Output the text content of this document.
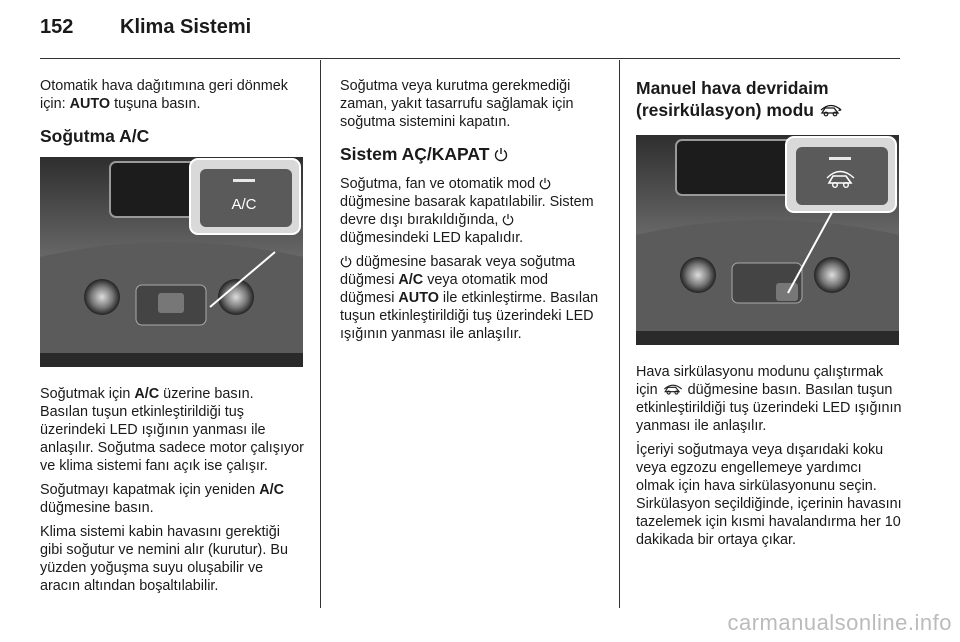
152	Klima Sistemi

Otomatik hava dağıtımına geri dönmek için: AUTO tuşuna basın.

Soğutma A/C
A/C

Soğutmak için A/C üzerine basın. Basılan tuşun etkinleştirildiği tuş üzerindeki LED ışığının yanması ile anlaşılır. Soğutma sadece motor çalışıyor ve klima sistemi fanı açık ise çalışır.

Soğutmayı kapatmak için yeniden A/C düğmesine basın.

Klima sistemi kabin havasını gerektiği gibi soğutur ve nemini alır (kurutur). Bu yüzden yoğuşma suyu oluşabilir ve aracın altından boşaltılabilir.

Soğutma veya kurutma gerekmediği zaman, yakıt tasarrufu sağlamak için soğutma sistemini kapatın.

Sistem AÇ/KAPAT

Soğutma, fan ve otomatik mod  düğmesine basarak kapatılabilir. Sistem devre dışı bırakıldığında,  düğmesindeki LED kapalıdır.

düğmesine basarak veya soğutma düğmesi A/C veya otomatik mod düğmesi AUTO ile etkinleştirme. Basılan tuşun etkinleştirildiği tuş üzerindeki LED ışığının yanması ile anlaşılır.

Manuel hava devridaim (resirkülasyon) modu

Hava sirkülasyonu modunu çalıştırmak için  düğmesine basın. Basılan tuşun etkinleştirildiği tuş üzerindeki LED ışığının yanması ile anlaşılır.

İçeriyi soğutmaya veya dışarıdaki koku veya egzozu engellemeye yardımcı olmak için hava sirkülasyonunu seçin. Sirkülasyon seçildiğinde, içerinin havasını tazelemek için kısmi havalandırma her 10 dakikada bir ortaya çıkar.

carmanualsonline.info
